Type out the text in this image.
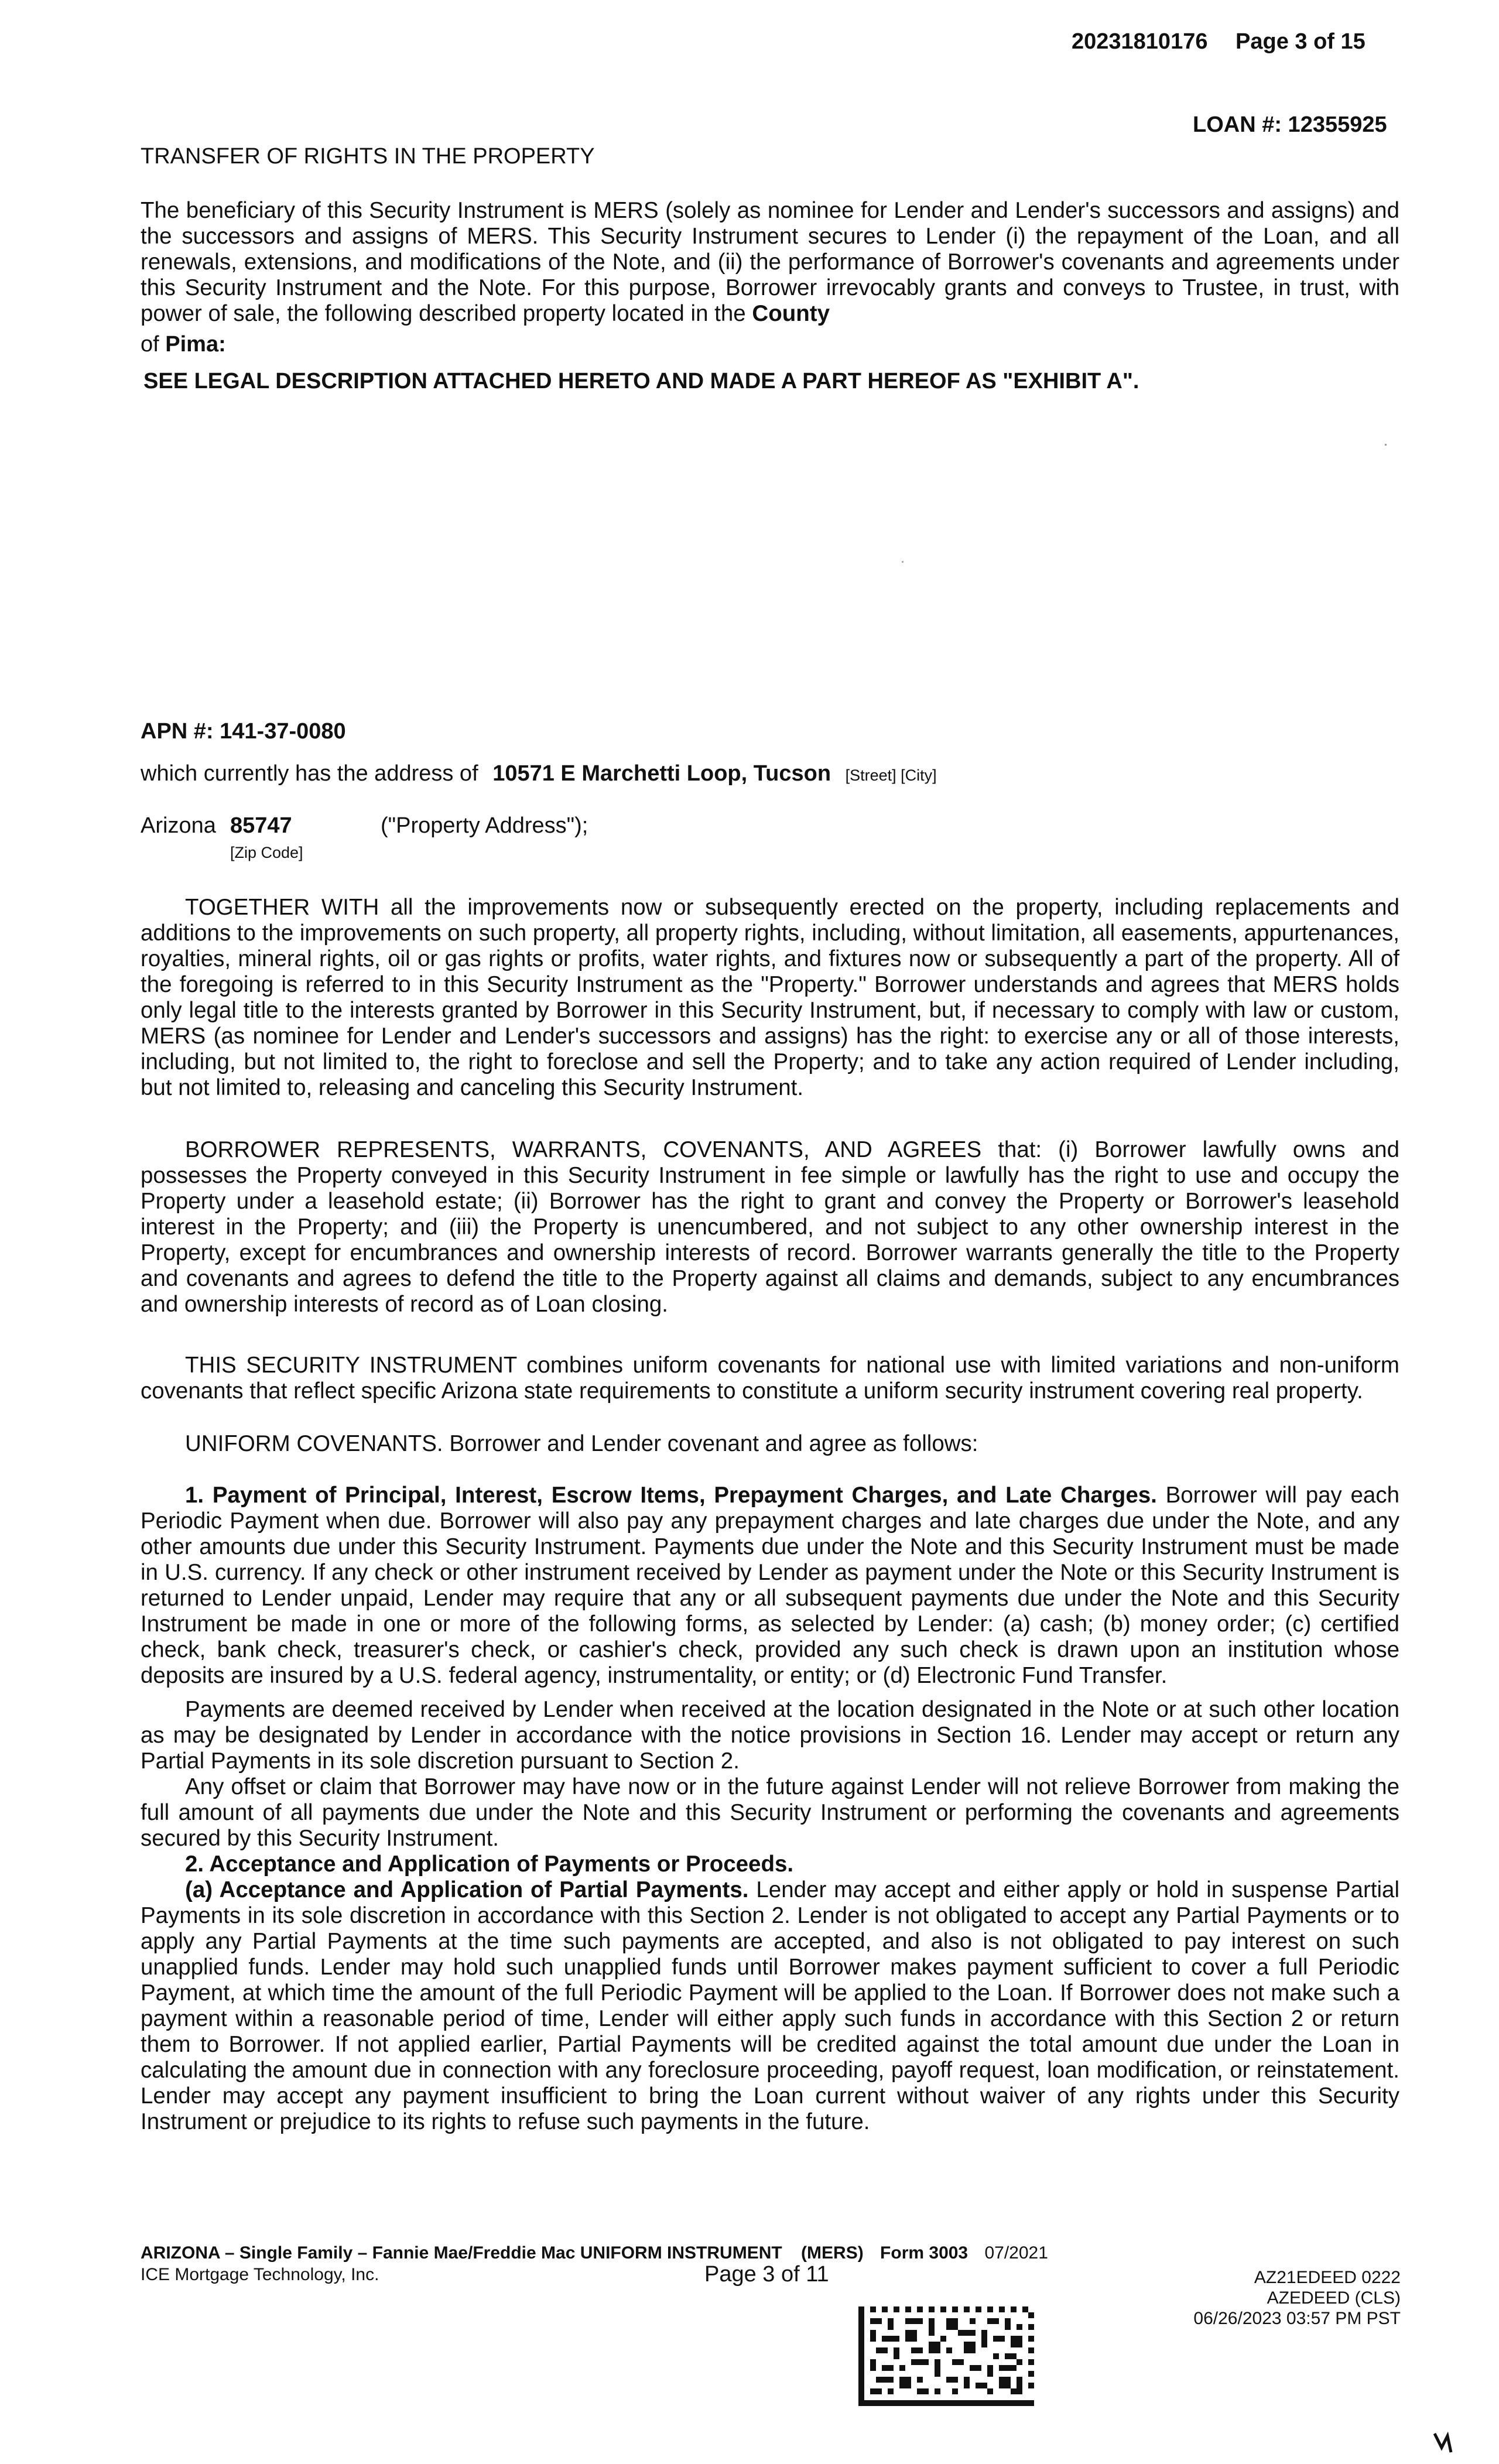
20231810176 Page 3 of 15
LOAN #: 12355925
TRANSFER OF RIGHTS IN THE PROPERTY

The beneficiary of this Security Instrument is MERS (solely as nominee for Lender and Lender's successors and assigns) and the successors and assigns of MERS. This Security Instrument secures to Lender (i) the repayment of the Loan, and all renewals, extensions, and modifications of the Note, and (ii) the performance of Borrower's covenants and agreements under this Security Instrument and the Note. For this purpose, Borrower irrevocably grants and conveys to Trustee, in trust, with power of sale, the following described property located in the County

of Pima:
SEE LEGAL DESCRIPTION ATTACHED HERETO AND MADE A PART HEREOF AS "EXHIBIT A".
APN #: 141-37-0080
which currently has the address of 10571 E Marchetti Loop, Tucson [Street] [City]
Arizona 85747	("Property Address");
[Zip Code]

TOGETHER WITH all the improvements now or subsequently erected on the property, including replacements and additions to the improvements on such property, all property rights, including, without limitation, all easements, appurtenances, royalties, mineral rights, oil or gas rights or profits, water rights, and fixtures now or subsequently a part of the property. All of the foregoing is referred to in this Security Instrument as the "Property." Borrower understands and agrees that MERS holds only legal title to the interests granted by Borrower in this Security Instrument, but, if necessary to comply with law or custom, MERS (as nominee for Lender and Lender's successors and assigns) has the right: to exercise any or all of those interests, including, but not limited to, the right to foreclose and sell the Property; and to take any action required of Lender including, but not limited to, releasing and canceling this Security Instrument.

BORROWER REPRESENTS, WARRANTS, COVENANTS, AND AGREES that: (i) Borrower lawfully owns and possesses the Property conveyed in this Security Instrument in fee simple or lawfully has the right to use and occupy the Property under a leasehold estate; (ii) Borrower has the right to grant and convey the Property or Borrower's leasehold interest in the Property; and (iii) the Property is unencumbered, and not subject to any other ownership interest in the Property, except for encumbrances and ownership interests of record. Borrower warrants generally the title to the Property and covenants and agrees to defend the title to the Property against all claims and demands, subject to any encumbrances and ownership interests of record as of Loan closing.

THIS SECURITY INSTRUMENT combines uniform covenants for national use with limited variations and non-uniform covenants that reflect specific Arizona state requirements to constitute a uniform security instrument covering real property.

UNIFORM COVENANTS. Borrower and Lender covenant and agree as follows:

1. Payment of Principal, Interest, Escrow Items, Prepayment Charges, and Late Charges. Borrower will pay each Periodic Payment when due. Borrower will also pay any prepayment charges and late charges due under the Note, and any other amounts due under this Security Instrument. Payments due under the Note and this Security Instrument must be made in U.S. currency. If any check or other instrument received by Lender as payment under the Note or this Security Instrument is returned to Lender unpaid, Lender may require that any or all subsequent payments due under the Note and this Security Instrument be made in one or more of the following forms, as selected by Lender: (a) cash; (b) money order; (c) certified check, bank check, treasurer's check, or cashier's check, provided any such check is drawn upon an institution whose deposits are insured by a U.S. federal agency, instrumentality, or entity; or (d) Electronic Fund Transfer.

Payments are deemed received by Lender when received at the location designated in the Note or at such other location as may be designated by Lender in accordance with the notice provisions in Section 16. Lender may accept or return any Partial Payments in its sole discretion pursuant to Section 2.

Any offset or claim that Borrower may have now or in the future against Lender will not relieve Borrower from making the full amount of all payments due under the Note and this Security Instrument or performing the covenants and agreements secured by this Security Instrument.

2. Acceptance and Application of Payments or Proceeds.

(a) Acceptance and Application of Partial Payments. Lender may accept and either apply or hold in suspense Partial Payments in its sole discretion in accordance with this Section 2. Lender is not obligated to accept any Partial Payments or to apply any Partial Payments at the time such payments are accepted, and also is not obligated to pay interest on such unapplied funds. Lender may hold such unapplied funds until Borrower makes payment sufficient to cover a full Periodic Payment, at which time the amount of the full Periodic Payment will be applied to the Loan. If Borrower does not make such a payment within a reasonable period of time, Lender will either apply such funds in accordance with this Section 2 or return them to Borrower. If not applied earlier, Partial Payments will be credited against the total amount due under the Loan in calculating the amount due in connection with any foreclosure proceeding, payoff request, loan modification, or reinstatement. Lender may accept any payment insufficient to bring the Loan current without waiver of any rights under this Security Instrument or prejudice to its rights to refuse such payments in the future.

ARIZONA – Single Family – Fannie Mae/Freddie Mac UNIFORM INSTRUMENT (MERS) Form 3003 07/2021
ICE Mortgage Technology, Inc.	Page 3 of 11	AZ21EDEED 0222
AZEDEED (CLS)
06/26/2023 03:57 PM PST
